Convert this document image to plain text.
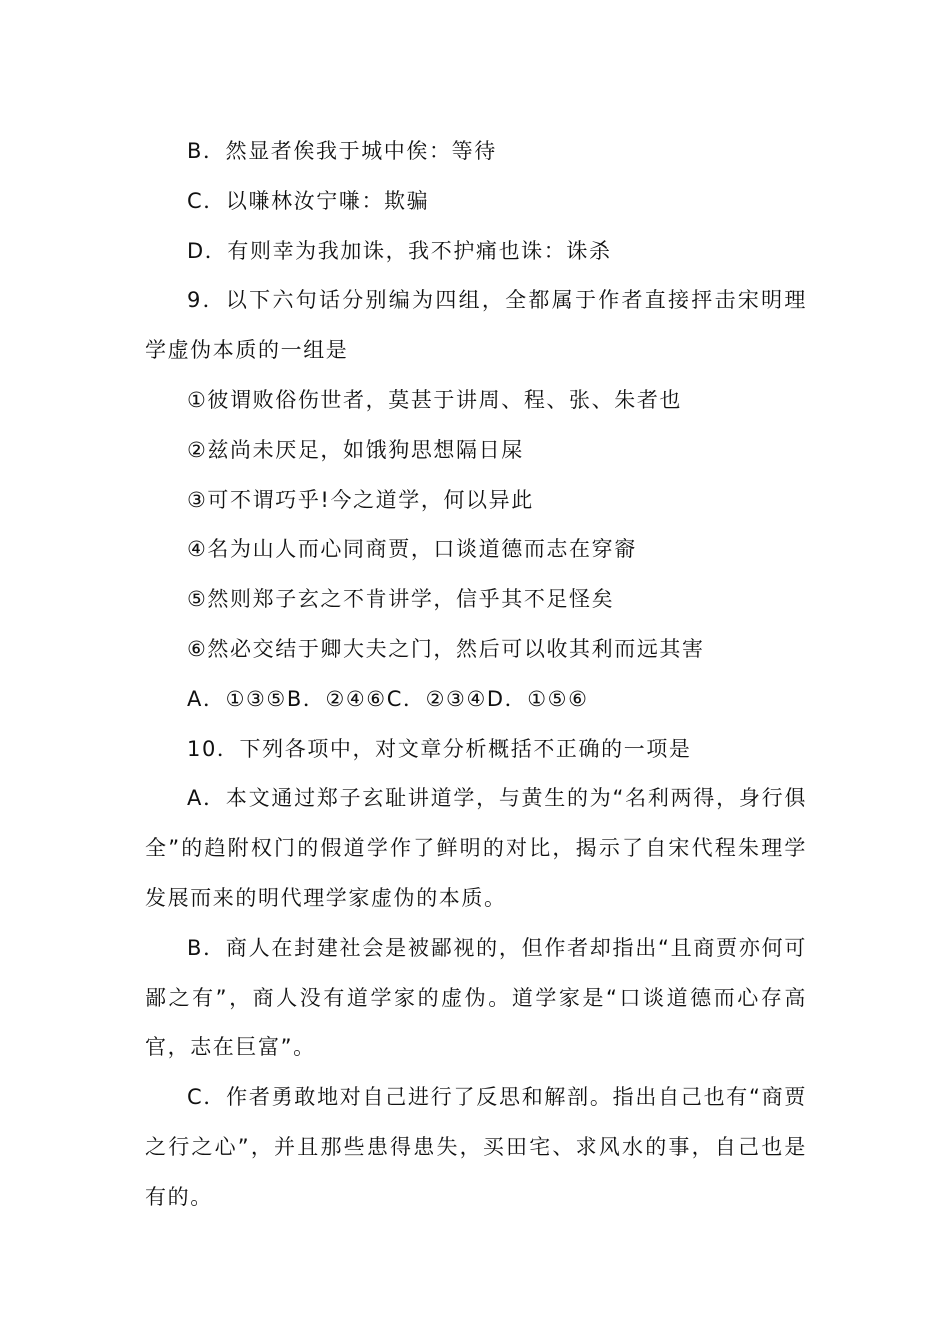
B．然显者俟我于城中俟：等待

C．以嗛林汝宁嗛：欺骗

D．有则幸为我加诛，我不护痛也诛：诛杀

9．以下六句话分别编为四组，全都属于作者直接抨击宋明理学虚伪本质的一组是

①彼谓败俗伤世者，莫甚于讲周、程、张、朱者也

②兹尚未厌足，如饿狗思想隔日屎

③可不谓巧乎!今之道学，何以异此

④名为山人而心同商贾，口谈道德而志在穿窬

⑤然则郑子玄之不肯讲学，信乎其不足怪矣

⑥然必交结于卿大夫之门，然后可以收其利而远其害

A．①③⑤B．②④⑥C．②③④D．①⑤⑥

10．下列各项中，对文章分析概括不正确的一项是

A．本文通过郑子玄耻讲道学，与黄生的为“名利两得，身行俱全”的趋附权门的假道学作了鲜明的对比，揭示了自宋代程朱理学发展而来的明代理学家虚伪的本质。

B．商人在封建社会是被鄙视的，但作者却指出“且商贾亦何可鄙之有”，商人没有道学家的虚伪。道学家是“口谈道德而心存高官，志在巨富”。

C．作者勇敢地对自己进行了反思和解剖。指出自己也有“商贾之行之心”，并且那些患得患失，买田宅、求风水的事，自己也是有的。
